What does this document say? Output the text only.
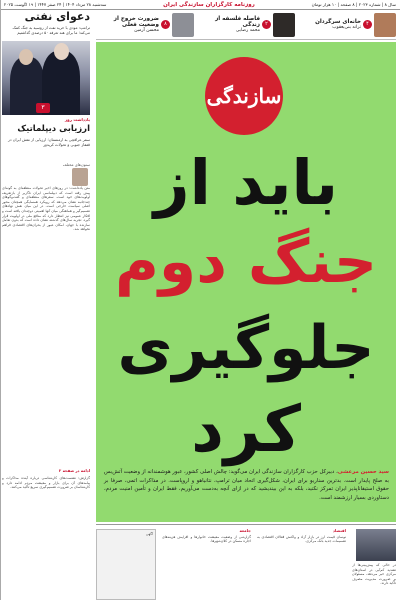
سال ۸ | شماره ۲۰۲۳ | ۸ صفحه | ۱۰ هزار تومان
روزنامه کارگزاران سازندگی ایران
سه‌شنبه ۲۸ مرداد ۱۴۰۴ | ۲۴ صفر ۱۴۴۷ | ۱۹ اگوست ۲۰۲۵
۴
خانه‌ای سرگردان
ترانه بنی‌یعقوب
۲
فاصله فلسفه از زندگی
محمد رضایی
۸
ضرورت خروج از وضعیت فعلی
محسن آرمین
دعوای نفتی
ترامپ: مودی با خرید نفت از روسیه به جنگ کمک می‌کند؛ ما برای هند تعرفه ۵۰ درصدی گذاشتیم
۳
یادداشت روز
ارزیابی دیپلماتیک
سفر عراقچی به ارمنستان؛ ارزیابی از نقش ایران در قفقاز جنوبی و تحولات کریدور
ستون‌های مختلف
متن یادداشت: در روزهای اخیر تحولات منطقه‌ای به گونه‌ای پیش رفته است که دیپلماسی ایران ناگزیر از بازتعریف اولویت‌های خود است. سفرهای منطقه‌ای و گفت‌وگوهای چندجانبه نشان می‌دهد که رویکرد همسایگی همچنان محور اصلی سیاست خارجی است. در این میان نقش نهادهای تصمیم‌گیر و هماهنگی میان آنها اهمیتی دوچندان یافته است و افکار عمومی نیز انتظار دارد که منافع ملی در اولویت قرار گیرد. تجربه سال‌های گذشته نشان داده است که بدون تعامل سازنده با جهان، امکان عبور از بحران‌های اقتصادی فراهم نخواهد شد.
ادامه در صفحه ۲
گزارش: نشست‌های کارشناسی درباره آینده مذاکرات و پیامدهای آن برای بازار و معیشت مردم ادامه دارد و کارشناسان بر ضرورت تصمیم‌گیری سریع تأکید می‌کنند.
سازندگی
باید از
جنگ دوم
جلوگیری
کرد
سید حسین مرعشی، دبیرکل حزب کارگزاران سازندگی ایران می‌گوید: چالش اصلی کشور، عبور هوشمندانه از وضعیت آتش‌بس به صلح پایدار است. بدترین سناریو برای ایران، شکل‌گیری اتحاد میان ترامپ، نتانیاهو و اروپاست. در مذاکرات اتمی، صرفا بر حقوق استیفاناپذیر ایران تمرکز نکنید، بلکه به این بیندیشید که در ازای آنچه به‌دست می‌آوریم، فقط ایران و تأمین امنیت مردم، دستاوردی بسیار ارزشمند است.
در حالی که پیش‌بینی‌ها از تشدید کم‌آبی در استان‌های مرکزی خبر می‌دهد، مسئولان بر ضرورت مدیریت مصرف تأکید دارند.
اقتصاد
نوسان قیمت ارز در بازار آزاد و واکنش فعالان اقتصادی به تصمیمات جدید بانک مرکزی.
جامعه
گزارشی از وضعیت معیشت خانوارها و افزایش هزینه‌های اجاره مسکن در کلان‌شهرها.
آگهی
